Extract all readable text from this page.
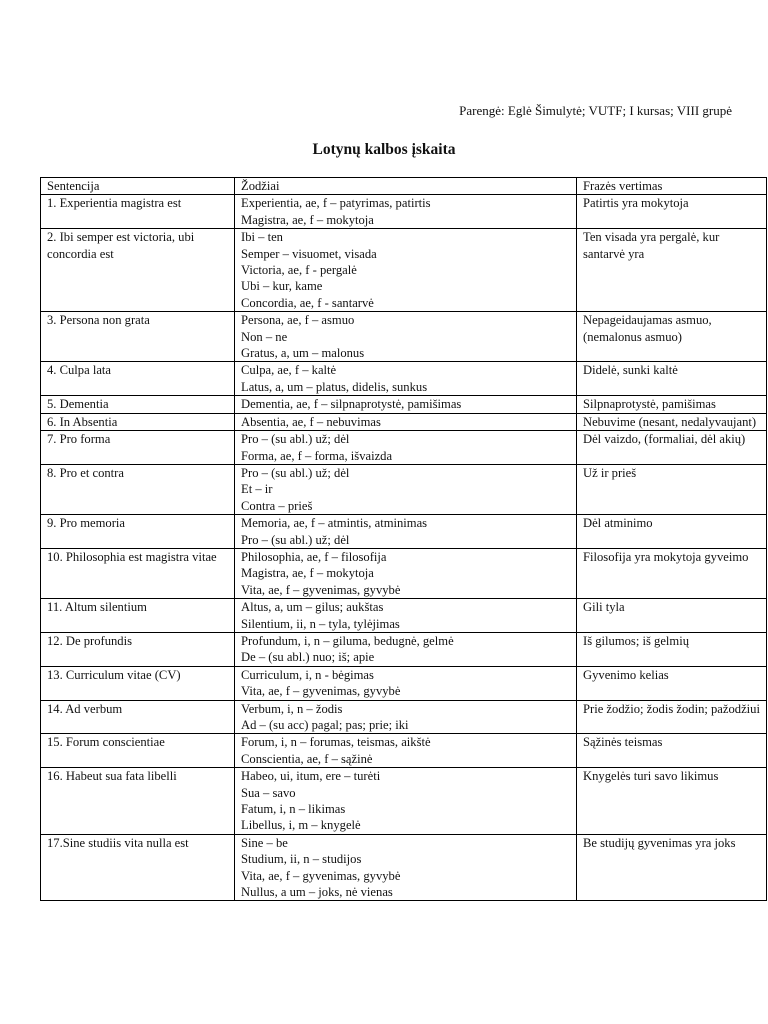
Parengė: Eglė Šimulytė; VUTF; I kursas; VIII grupė
Lotynų kalbos įskaita
Sentencija	Žodžiai	Frazės vertimas
1. Experientia magistra est	Experientia, ae, f – patyrimas, patirtis
Magistra, ae, f – mokytoja	Patirtis yra mokytoja
2. Ibi semper est victoria, ubi concordia est	Ibi – ten
Semper – visuomet, visada
Victoria, ae, f - pergalė
Ubi – kur, kame
Concordia, ae, f - santarvė	Ten visada yra pergalė, kur santarvė yra
3. Persona non grata	Persona, ae, f – asmuo
Non – ne
Gratus, a, um – malonus	Nepageidaujamas asmuo, (nemalonus asmuo)
4. Culpa lata	Culpa, ae, f – kaltė
Latus, a, um – platus, didelis, sunkus	Didelė, sunki kaltė
5. Dementia	Dementia, ae, f – silpnaprotystė, pamišimas	Silpnaprotystė, pamišimas
6. In Absentia	Absentia, ae, f – nebuvimas	Nebuvime (nesant, nedalyvaujant)
7. Pro forma	Pro – (su abl.) už; dėl
Forma, ae, f – forma, išvaizda	Dėl vaizdo, (formaliai, dėl akių)
8. Pro et contra	Pro – (su abl.) už; dėl
Et – ir
Contra – prieš	Už ir prieš
9. Pro memoria	Memoria, ae, f – atmintis, atminimas
Pro – (su abl.) už; dėl	Dėl atminimo
10. Philosophia est magistra vitae	Philosophia, ae, f – filosofija
Magistra, ae, f – mokytoja
Vita, ae, f – gyvenimas, gyvybė	Filosofija yra mokytoja gyveimo
11. Altum silentium	Altus, a, um – gilus; aukštas
Silentium, ii, n – tyla, tylėjimas	Gili tyla
12. De profundis	Profundum, i, n – giluma, bedugnė, gelmė
De – (su abl.) nuo; iš; apie	Iš gilumos; iš gelmių
13. Curriculum vitae (CV)	Curriculum, i, n - bėgimas
Vita, ae, f – gyvenimas, gyvybė	Gyvenimo kelias
14. Ad verbum	Verbum, i, n – žodis
Ad – (su acc) pagal; pas; prie; iki	Prie žodžio; žodis žodin; pažodžiui
15. Forum conscientiae	Forum, i, n – forumas, teismas, aikštė
Conscientia, ae, f – sąžinė	Sąžinės teismas
16. Habeut sua fata libelli	Habeo, ui, itum, ere – turėti
Sua – savo
Fatum, i, n – likimas
Libellus, i, m – knygelė	Knygelės turi savo likimus
17.Sine studiis vita nulla est	Sine – be
Studium, ii, n – studijos
Vita, ae, f – gyvenimas, gyvybė
Nullus, a um – joks, nė vienas	Be studijų gyvenimas yra joks
